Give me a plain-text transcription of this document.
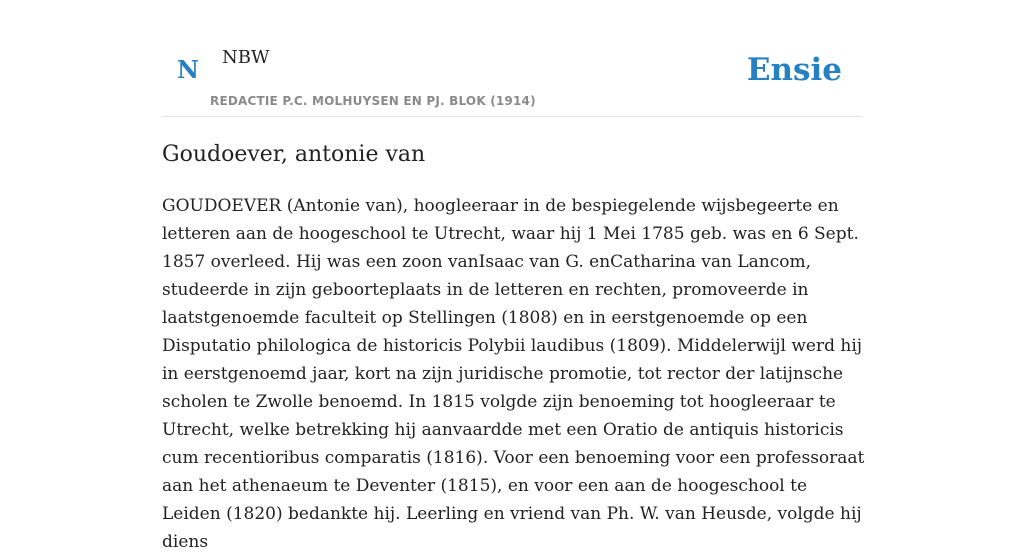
N NBW
REDACTIE P.C. MOLHUYSEN EN PJ. BLOK (1914)
Ensie
Goudoever, antonie van

GOUDOEVER (Antonie van), hoogleeraar in de bespiegelende wijsbegeerte en letteren aan de hoogeschool te Utrecht, waar hij 1 Mei 1785 geb. was en 6 Sept. 1857 overleed. Hij was een zoon vanIsaac van G. enCatharina van Lancom, studeerde in zijn geboorteplaats in de letteren en rechten, promoveerde in laatstgenoemde faculteit op Stellingen (1808) en in eerstgenoemde op een Disputatio philologica de historicis Polybii laudibus (1809). Middelerwijl werd hij in eerstgenoemd jaar, kort na zijn juridische promotie, tot rector der latijnsche scholen te Zwolle benoemd. In 1815 volgde zijn benoeming tot hoogleeraar te Utrecht, welke betrekking hij aanvaardde met een Oratio de antiquis historicis cum recentioribus comparatis (1816). Voor een benoeming voor een professoraat aan het athenaeum te Deventer (1815), en voor een aan de hoogeschool te Leiden (1820) bedankte hij. Leerling en vriend van Ph. W. van Heusde, volgde hij diens
